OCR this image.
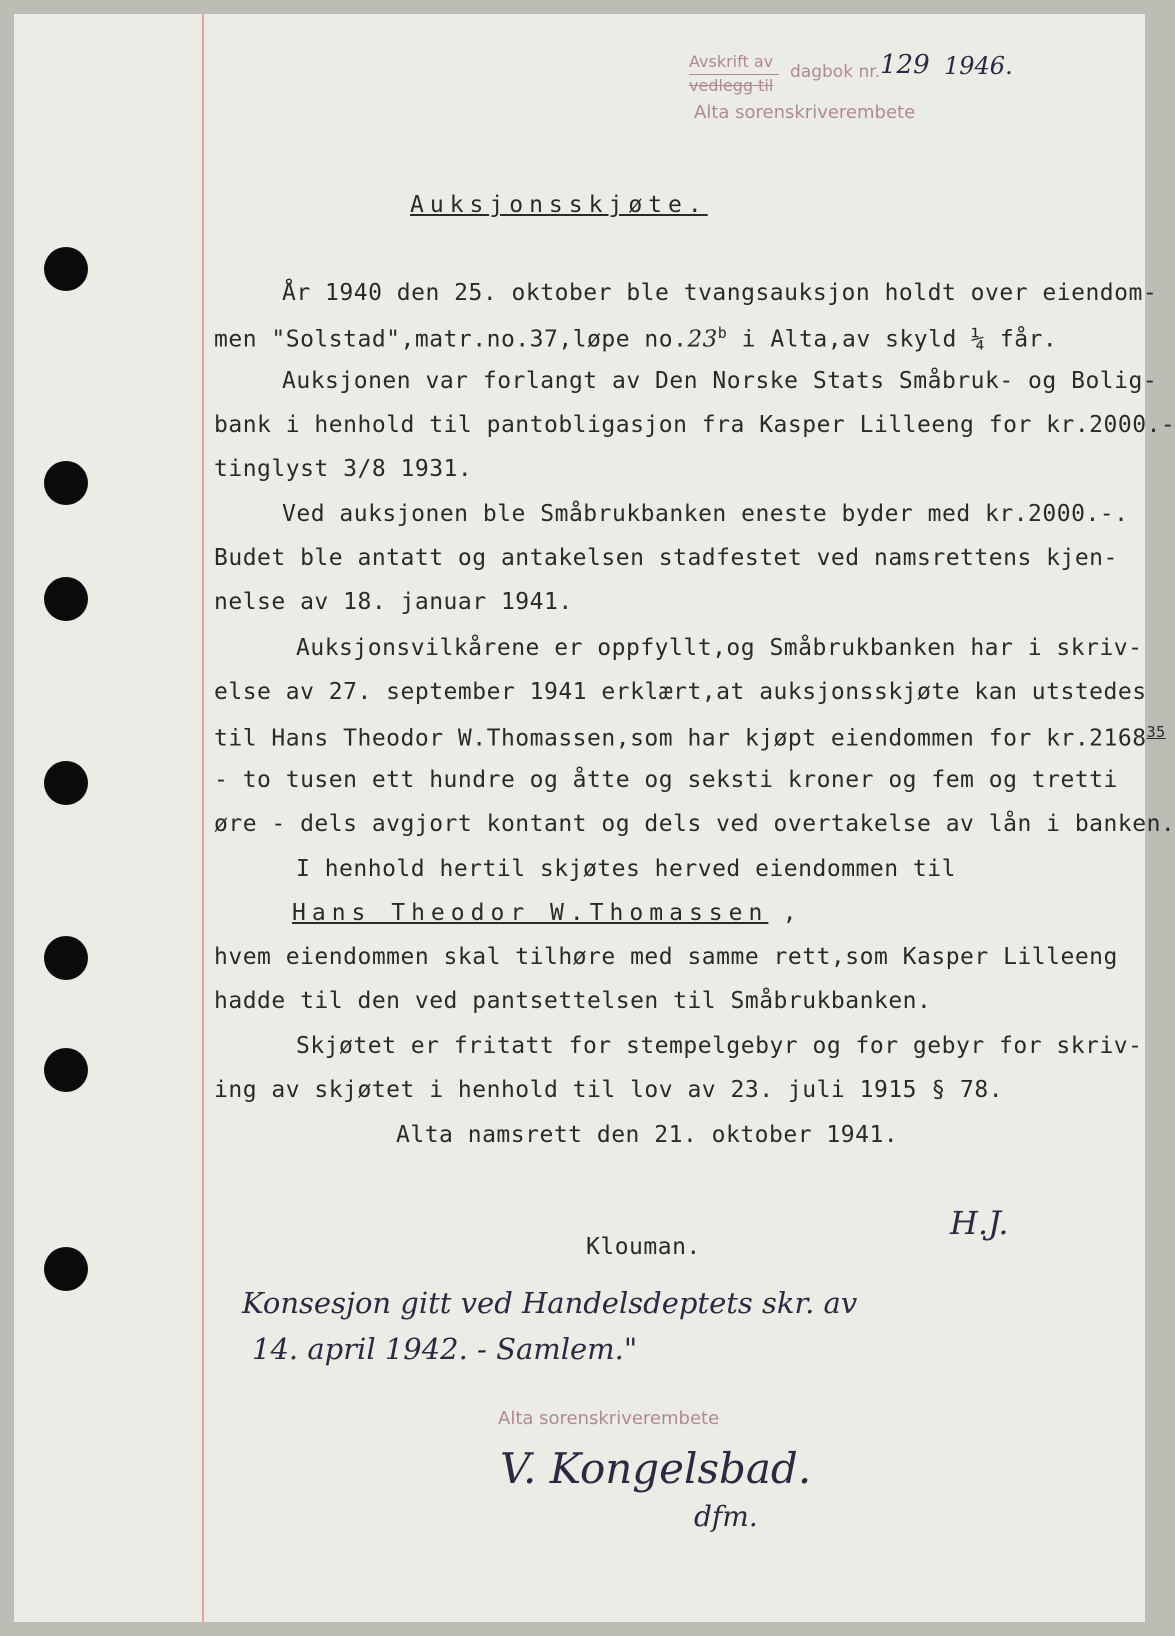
Avskrift av
vedlegg til
dagbok nr. 129 1946.
Alta sorenskriverembete
Auksjonsskjøte.
År 1940 den 25. oktober ble tvangsauksjon holdt over eiendom-
men "Solstad",matr.no.37,løpe no.23$^b$ i Alta,av skyld ¼ får.
Auksjonen var forlangt av Den Norske Stats Småbruk- og Bolig-
bank i henhold til pantobligasjon fra Kasper Lilleeng for kr.2000.-
tinglyst 3/8 1931.
Ved auksjonen ble Småbrukbanken eneste byder med kr.2000.-.
Budet ble antatt og antakelsen stadfestet ved namsrettens kjen-
nelse av 18. januar 1941.
Auksjonsvilkårene er oppfyllt,og Småbrukbanken har i skriv-
else av 27. september 1941 erklært,at auksjonsskjøte kan utstedes
til Hans Theodor W.Thomassen,som har kjøpt eiendommen for kr.2168$^{35}$
- to tusen ett hundre og åtte og seksti kroner og fem og tretti
øre - dels avgjort kontant og dels ved overtakelse av lån i banken.
I henhold hertil skjøtes herved eiendommen til
Hans Theodor W.Thomassen ,
hvem eiendommen skal tilhøre med samme rett,som Kasper Lilleeng
hadde til den ved pantsettelsen til Småbrukbanken.
Skjøtet er fritatt for stempelgebyr og for gebyr for skriv-
ing av skjøtet i henhold til lov av 23. juli 1915 § 78.
Alta namsrett den 21. oktober 1941.
Klouman.
H.J.
Konsesjon gitt ved Handelsdeptets skr. av
14. april 1942. - Samlem."
Alta sorenskriverembete
V. Kongelsbad.
dfm.
